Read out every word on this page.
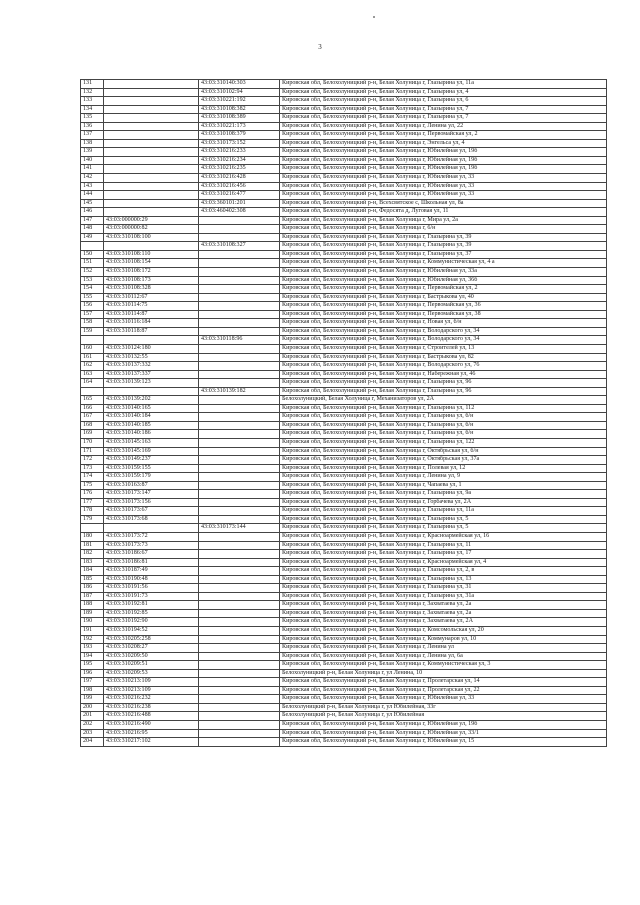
3
131		43:03:310140:303	Кировская обл, Белохолуницкий р-н, Белая Холуница г, Глазырина ул, 11а
132		43:03:310102:94	Кировская обл, Белохолуницкий р-н, Белая Холуница г, Глазырина ул, 4
133		43:03:310221:192	Кировская обл, Белохолуницкий р-н, Белая Холуница г, Глазырина ул, 6
134		43:03:310108:382	Кировская обл, Белохолуницкий р-н, Белая Холуница г, Глазырина ул, 7
135		43:03:310108:389	Кировская обл, Белохолуницкий р-н, Белая Холуница г, Глазырина ул, 7
136		43:03:310221:173	Кировская обл, Белохолуницкий р-н, Белая Холуница г, Ленина ул, 22
137		43:03:310108:379	Кировская обл, Белохолуницкий р-н, Белая Холуница г, Первомайская ул, 2
138		43:03:310173:152	Кировская обл, Белохолуницкий р-н, Белая Холуница г, Энгельса ул, 4
139		43:03:310216:233	Кировская обл, Белохолуницкий р-н, Белая Холуница г, Юбилейная ул, 19б
140		43:03:310216:234	Кировская обл, Белохолуницкий р-н, Белая Холуница г, Юбилейная ул, 19б
141		43:03:310216:235	Кировская обл, Белохолуницкий р-н, Белая Холуница г, Юбилейная ул, 19б
142		43:03:310216:428	Кировская обл, Белохолуницкий р-н, Белая Холуница г, Юбилейная ул, 33
143		43:03:310216:456	Кировская обл, Белохолуницкий р-н, Белая Холуница г, Юбилейная ул, 33
144		43:03:310216:477	Кировская обл, Белохолуницкий р-н, Белая Холуница г, Юбилейная ул, 33
145		43:03:360101:201	Кировская обл, Белохолуницкий р-н, Всехсвятское с, Школьная ул, 8а
146		43:03:460402:308	Кировская обл, Белохолуницкий р-н, Федосята д, Луговая ул, 11
147	43:03:000000:29		Кировская обл, Белохолуницкий р-н, Белая Холуница г, Мира ул, 2а
148	43:03:000000:82		Кировская обл, Белохолуницкий р-н, Белая Холуница г, 6/н
149	43:03:310108:100		Кировская обл, Белохолуницкий р-н, Белая Холуница г, Глазырина ул, 39
		43:03:310108:327	Кировская обл, Белохолуницкий р-н, Белая Холуница г, Глазырина ул, 39
150	43:03:310108:110		Кировская обл, Белохолуницкий р-н, Белая Холуница г, Глазырина ул, 37
151	43:03:310108:154		Кировская обл, Белохолуницкий р-н, Белая Холуница г, Коммунистическая ул, 4 а
152	43:03:310108:172		Кировская обл, Белохолуницкий р-н, Белая Холуница г, Юбилейная ул, 33а
153	43:03:310108:173		Кировская обл, Белохолуницкий р-н, Белая Холуница г, Юбилейная ул, 36б
154	43:03:310108:328		Кировская обл, Белохолуницкий р-н, Белая Холуница г, Первомайская ул, 2
155	43:03:310112:67		Кировская обл, Белохолуницкий р-н, Белая Холуница г, Бастрыкова ул, 40
156	43:03:310114:75		Кировская обл, Белохолуницкий р-н, Белая Холуница г, Первомайская ул, 36
157	43:03:310114:87		Кировская обл, Белохолуницкий р-н, Белая Холуница г, Первомайская ул, 38
158	43:03:310116:184		Кировская обл, Белохолуницкий р-н, Белая Холуница г, Новая ул, б/н
159	43:03:310118:87		Кировская обл, Белохолуницкий р-н, Белая Холуница г, Володарского ул, 34
		43:03:310118:96	Кировская обл, Белохолуницкий р-н, Белая Холуница г, Володарского ул, 34
160	43:03:310124:180		Кировская обл, Белохолуницкий р-н, Белая Холуница г, Строителей ул, 13
161	43:03:310132:55		Кировская обл, Белохолуницкий р-н, Белая Холуница г, Бастрыкова ул, 82
162	43:03:310137:332		Кировская обл, Белохолуницкий р-н, Белая Холуница г, Володарского ул, 76
163	43:03:310137:337		Кировская обл, Белохолуницкий р-н, Белая Холуница г, Набережная ул, 46
164	43:03:310139:123		Кировская обл, Белохолуницкий р-н, Белая Холуница г, Глазырина ул, 96
		43:03:310139:182	Кировская обл, Белохолуницкий р-н, Белая Холуница г, Глазырина ул, 96
165	43:03:310139:202		Белохолуницкий, Белая Холуница г, Механизаторов ул, 2А
166	43:03:310140:165		Кировская обл, Белохолуницкий р-н, Белая Холуница г, Глазырина ул, 112
167	43:03:310140:184		Кировская обл, Белохолуницкий р-н, Белая Холуница г, Глазырина ул, б/н
168	43:03:310140:185		Кировская обл, Белохолуницкий р-н, Белая Холуница г, Глазырина ул, б/н
169	43:03:310140:186		Кировская обл, Белохолуницкий р-н, Белая Холуница г, Глазырина ул, б/н
170	43:03:310145:163		Кировская обл, Белохолуницкий р-н, Белая Холуница г, Глазырина ул, 122
171	43:03:310145:169		Кировская обл, Белохолуницкий р-н, Белая Холуница г, Октябрьская ул, б/н
172	43:03:310149:237		Кировская обл, Белохолуницкий р-н, Белая Холуница г, Октябрьская ул, 37а
173	43:03:310159:155		Кировская обл, Белохолуницкий р-н, Белая Холуница г, Полевая ул, 12
174	43:03:310159:179		Кировская обл, Белохолуницкий р-н, Белая Холуница г, Ленина ул, 9
175	43:03:310163:87		Кировская обл, Белохолуницкий р-н, Белая Холуница г, Чапаева ул, 1
176	43:03:310173:147		Кировская обл, Белохолуницкий р-н, Белая Холуница г, Глазырина ул, 9а
177	43:03:310173:156		Кировская обл, Белохолуницкий р-н, Белая Холуница г, Горбачева ул, 2А
178	43:03:310173:67		Кировская обл, Белохолуницкий р-н, Белая Холуница г, Глазырина ул, 11а
179	43:03:310173:68		Кировская обл, Белохолуницкий р-н, Белая Холуница г, Глазырина ул, 5
		43:03:310173:144	Кировская обл, Белохолуницкий р-н, Белая Холуница г, Глазырина ул, 5
180	43:03:310173:72		Кировская обл, Белохолуницкий р-н, Белая Холуница г, Красноармейская ул, 16
181	43:03:310173:73		Кировская обл, Белохолуницкий р-н, Белая Холуница г, Глазырина ул, 11
182	43:03:310186:67		Кировская обл, Белохолуницкий р-н, Белая Холуница г, Глазырина ул, 17
183	43:03:310186:81		Кировская обл, Белохолуницкий р-н, Белая Холуница г, Красноармейская ул, 4
184	43:03:310187:49		Кировская обл, Белохолуницкий р-н, Белая Холуница г, Глазырина ул, 2, в
185	43:03:310190:48		Кировская обл, Белохолуницкий р-н, Белая Холуница г, Глазырина ул, 13
186	43:03:310191:56		Кировская обл, Белохолуницкий р-н, Белая Холуница г, Глазырина ул, 31
187	43:03:310191:73		Кировская обл, Белохолуницкий р-н, Белая Холуница г, Глазырина ул, 31а
188	43:03:310192:81		Кировская обл, Белохолуницкий р-н, Белая Холуница г, Захватаева ул, 2а
189	43:03:310192:85		Кировская обл, Белохолуницкий р-н, Белая Холуница г, Захватаева ул, 2а
190	43:03:310192:90		Кировская обл, Белохолуницкий р-н, Белая Холуница г, Захватаева ул, 2А
191	43:03:310194:52		Кировская обл, Белохолуницкий р-н, Белая Холуница г, Комсомольская ул, 20
192	43:03:310205:258		Кировская обл, Белохолуницкий р-н, Белая Холуница г, Коммунаров ул, 10
193	43:03:310208:27		Кировская обл, Белохолуницкий р-н, Белая Холуница г, Ленина ул
194	43:03:310209:50		Кировская обл, Белохолуницкий р-н, Белая Холуница г, Ленина ул, 6а
195	43:03:310209:51		Кировская обл, Белохолуницкий р-н, Белая Холуница г, Коммунистическая ул, 3
196	43:03:310209:53		Белохолуницкий р-н, Белая Холуница г, ул Ленина, 10
197	43:03:310213:109		Кировская обл, Белохолуницкий р-н, Белая Холуница г, Пролетарская ул, 14
198	43:03:310213:109		Кировская обл, Белохолуницкий р-н, Белая Холуница г, Пролетарская ул, 22
199	43:03:310216:232		Кировская обл, Белохолуницкий р-н, Белая Холуница г, Юбилейная ул, 33
200	43:03:310216:238		Белохолуницкий р-н, Белая Холуница г, ул Юбилейная, 33г
201	43:03:310216:488		Белохолуницкий р-н, Белая Холуница г, ул Юбилейная
202	43:03:310216:490		Кировская обл, Белохолуницкий р-н, Белая Холуница г, Юбилейная ул, 19б
203	43:03:310216:95		Кировская обл, Белохолуницкий р-н, Белая Холуница г, Юбилейная ул, 33/1
204	43:03:310217:102		Кировская обл, Белохолуницкий р-н, Белая Холуница г, Юбилейная ул, 15
